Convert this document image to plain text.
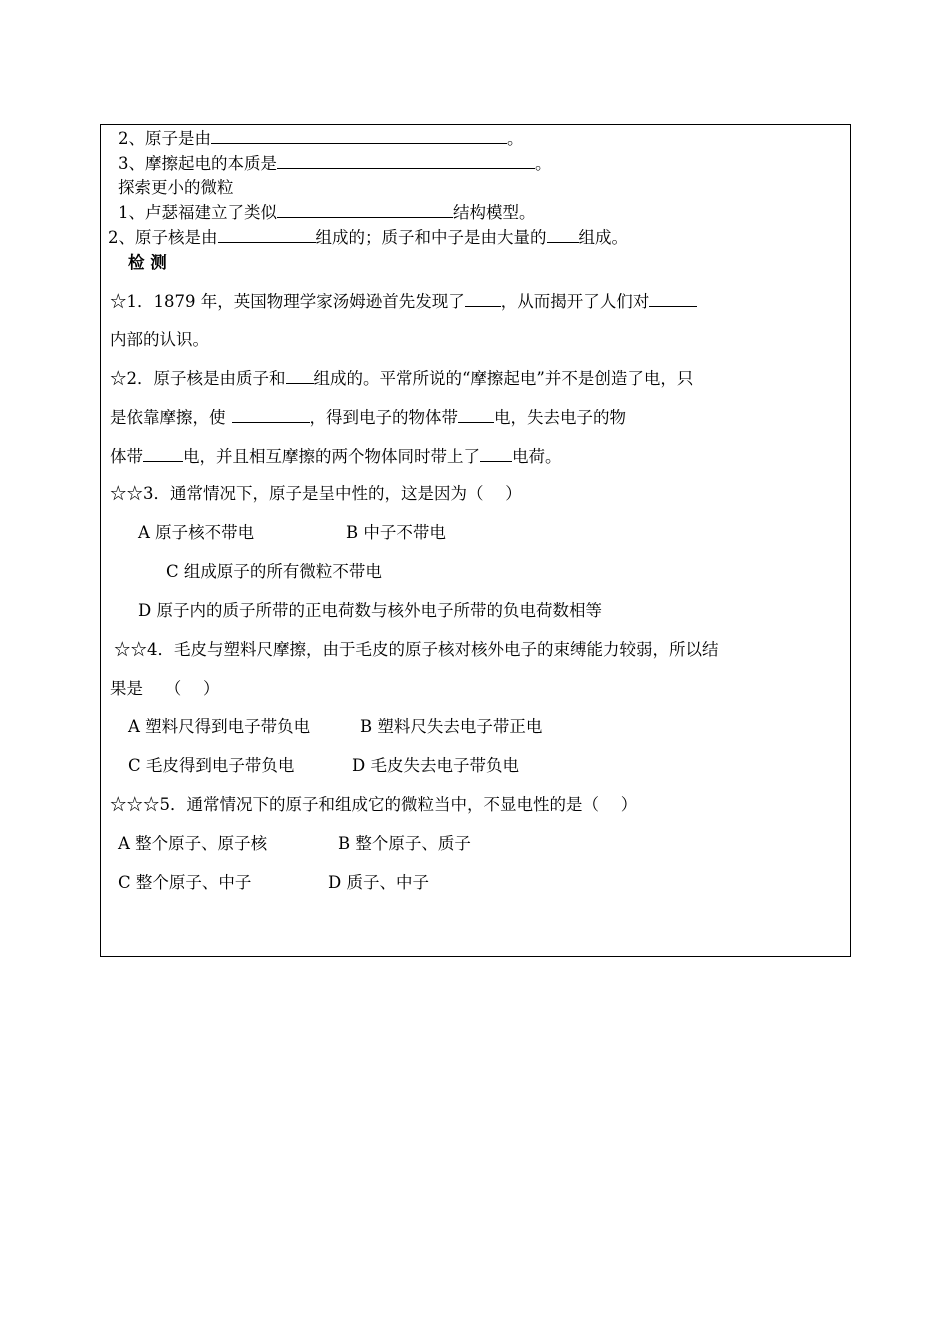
2、原子是由	。
3、摩擦起电的本质是	。
探索更小的微粒
1、卢瑟福建立了类似	结构模型。
2、原子核是由	组成的；质子和中子是由大量的 组成。
检 测
☆1．1879 年，英国物理学家汤姆逊首先发现了 ，从而揭开了人们对
内部的认识。
☆2．原子核是由质子和 组成的。平常所说的“摩擦起电”并不是创造了电，只
是依靠摩擦，使	，得到电子的物体带 电，失去电子的物
体带 电，并且相互摩擦的两个物体同时带上了 电荷。
☆☆3．通常情况下，原子是呈中性的，这是因为（　 ）
A 原子核不带电	B 中子不带电
C 组成原子的所有微粒不带电
D 原子内的质子所带的正电荷数与核外电子所带的负电荷数相等
☆☆4．毛皮与塑料尺摩擦，由于毛皮的原子核对核外电子的束缚能力较弱，所以结
果是　 （　 ）
A 塑料尺得到电子带负电	B 塑料尺失去电子带正电
C 毛皮得到电子带负电	D 毛皮失去电子带负电
☆☆☆5．通常情况下的原子和组成它的微粒当中，不显电性的是（　 ）
A 整个原子、原子核	B 整个原子、质子
C 整个原子、中子	D 质子、中子
